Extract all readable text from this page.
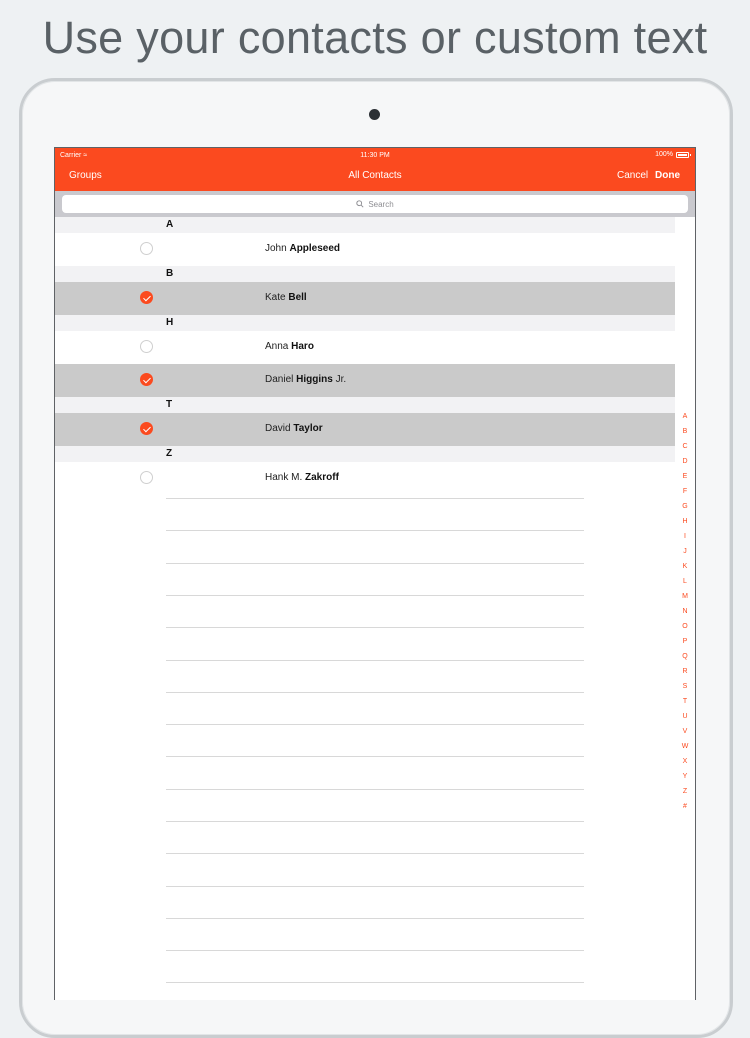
Use your contacts or custom text
Carrier ≈	11:30 PM	100%
Groups	All Contacts	Cancel Done
Search
A
John Appleseed
B
Kate Bell
H
Anna Haro
Daniel Higgins Jr.
T
David Taylor
Z
Hank M. Zakroff
A
B
C
D
E
F
G
H
I
J
K
L
M
N
O
P
Q
R
S
T
U
V
W
X
Y
Z
#
